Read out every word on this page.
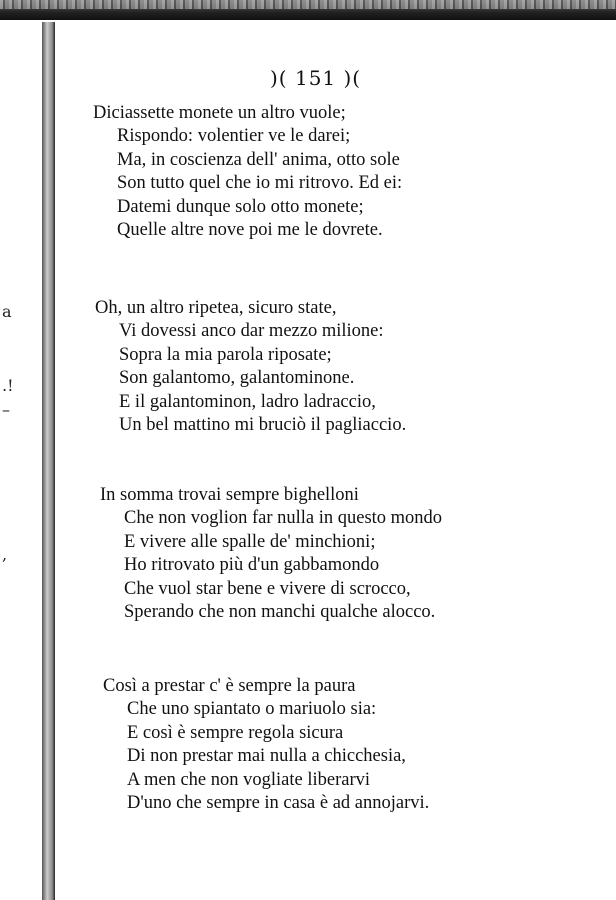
a
.!
–
,
)( 151 )(
Diciassette monete un altro vuole;
Rispondo: volentier ve le darei;
Ma, in coscienza dell' anima, otto sole
Son tutto quel che io mi ritrovo. Ed ei:
Datemi dunque solo otto monete;
Quelle altre nove poi me le dovrete.
Oh, un altro ripetea, sicuro state,
Vi dovessi anco dar mezzo milione:
Sopra la mia parola riposate;
Son galantomo, galantominone.
E il galantominon, ladro ladraccio,
Un bel mattino mi bruciò il pagliaccio.
In somma trovai sempre bighelloni
Che non voglion far nulla in questo mondo
E vivere alle spalle de' minchioni;
Ho ritrovato più d'un gabbamondo
Che vuol star bene e vivere di scrocco,
Sperando che non manchi qualche alocco.
Così a prestar c' è sempre la paura
Che uno spiantato o mariuolo sia:
E così è sempre regola sicura
Di non prestar mai nulla a chicchesia,
A men che non vogliate liberarvi
D'uno che sempre in casa è ad annojarvi.
